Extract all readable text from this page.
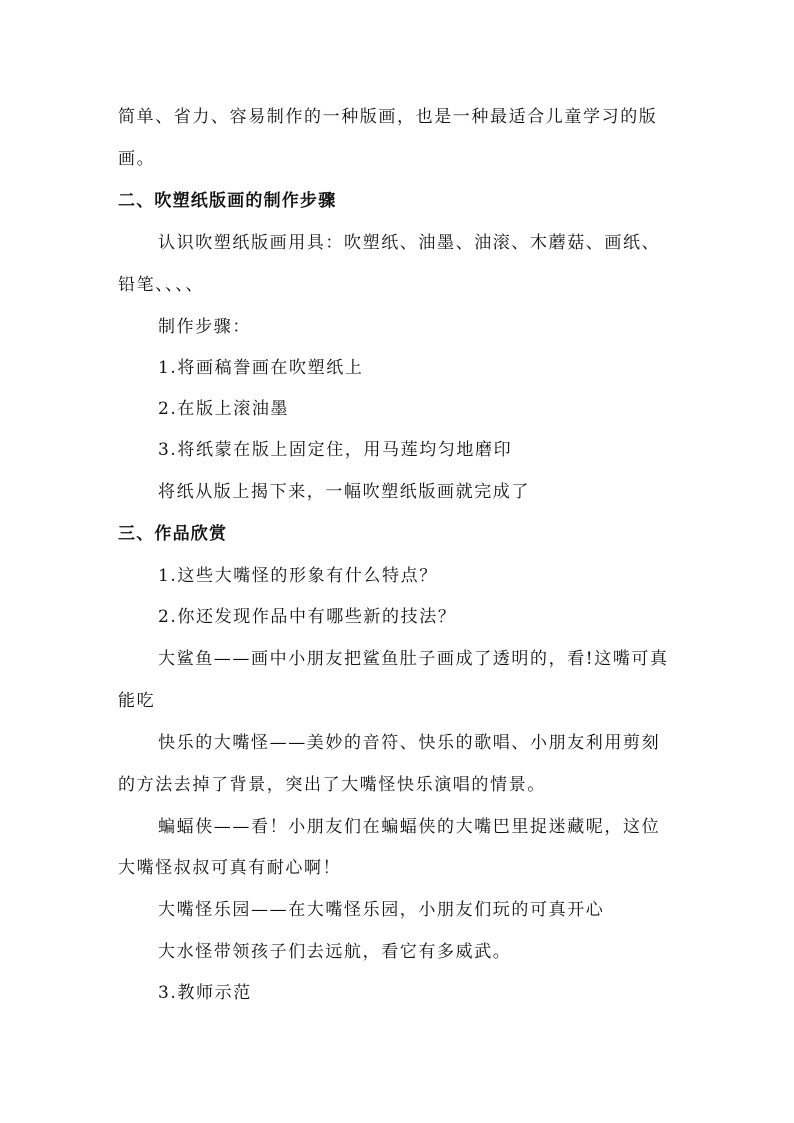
简单、省力、容易制作的一种版画，也是一种最适合儿童学习的版
画。
二、吹塑纸版画的制作步骤
认识吹塑纸版画用具：吹塑纸、油墨、油滚、木蘑菇、画纸、
铅笔、、、、
制作步骤：
1.将画稿誊画在吹塑纸上
2.在版上滚油墨
3.将纸蒙在版上固定住，用马莲均匀地磨印
将纸从版上揭下来，一幅吹塑纸版画就完成了
三、作品欣赏
1.这些大嘴怪的形象有什么特点？
2.你还发现作品中有哪些新的技法？
大鲨鱼——画中小朋友把鲨鱼肚子画成了透明的，看!这嘴可真
能吃
快乐的大嘴怪——美妙的音符、快乐的歌唱、小朋友利用剪刻
的方法去掉了背景，突出了大嘴怪快乐演唱的情景。
蝙蝠侠——看！小朋友们在蝙蝠侠的大嘴巴里捉迷藏呢，这位
大嘴怪叔叔可真有耐心啊！
大嘴怪乐园——在大嘴怪乐园，小朋友们玩的可真开心
大水怪带领孩子们去远航，看它有多威武。
3.教师示范
